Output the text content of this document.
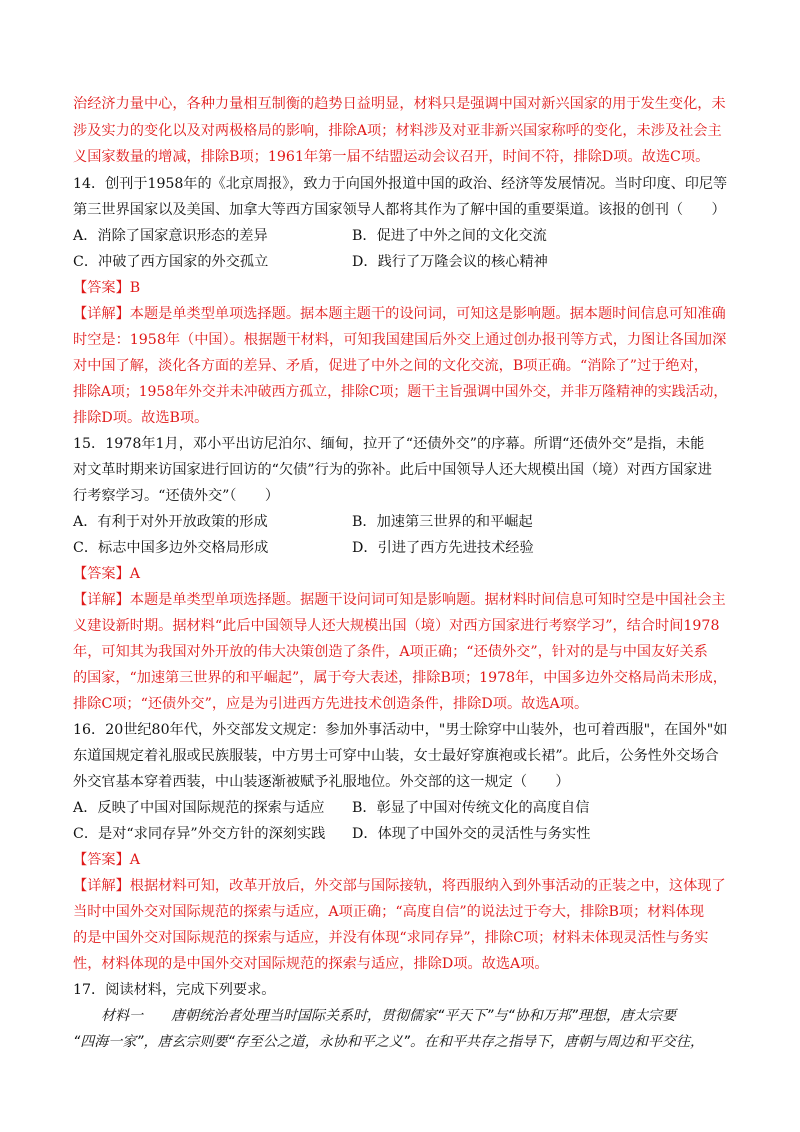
治经济力量中心，各种力量相互制衡的趋势日益明显，材料只是强调中国对新兴国家的用于发生变化，未
涉及实力的变化以及对两极格局的影响，排除A项；材料涉及对亚非新兴国家称呼的变化，未涉及社会主
义国家数量的增减，排除B项；1961年第一届不结盟运动会议召开，时间不符，排除D项。故选C项。
14．创刊于1958年的《北京周报》，致力于向国外报道中国的政治、经济等发展情况。当时印度、印尼等
第三世界国家以及美国、加拿大等西方国家领导人都将其作为了解中国的重要渠道。该报的创刊（　　）
A．消除了国家意识形态的差异	B．促进了中外之间的文化交流
C．冲破了西方国家的外交孤立	D．践行了万隆会议的核心精神
【答案】B
【详解】本题是单类型单项选择题。据本题主题干的设问词，可知这是影响题。据本题时间信息可知准确
时空是：1958年（中国）。根据题干材料，可知我国建国后外交上通过创办报刊等方式，力图让各国加深
对中国了解，淡化各方面的差异、矛盾，促进了中外之间的文化交流，B项正确。“消除了”过于绝对，
排除A项；1958年外交并未冲破西方孤立，排除C项；题干主旨强调中国外交，并非万隆精神的实践活动，
排除D项。故选B项。
15．1978年1月，邓小平出访尼泊尔、缅甸，拉开了“还债外交”的序幕。所谓“还债外交”是指，未能
对文革时期来访国家进行回访的“欠债”行为的弥补。此后中国领导人还大规模出国（境）对西方国家进
行考察学习。“还债外交”（　　）
A．有利于对外开放政策的形成	B．加速第三世界的和平崛起
C．标志中国多边外交格局形成	D．引进了西方先进技术经验
【答案】A
【详解】本题是单类型单项选择题。据题干设问词可知是影响题。据材料时间信息可知时空是中国社会主
义建设新时期。据材料“此后中国领导人还大规模出国（境）对西方国家进行考察学习”，结合时间1978
年，可知其为我国对外开放的伟大决策创造了条件，A项正确；“还债外交”，针对的是与中国友好关系
的国家，“加速第三世界的和平崛起”，属于夸大表述，排除B项；1978年，中国多边外交格局尚未形成，
排除C项；“还债外交”，应是为引进西方先进技术创造条件，排除D项。故选A项。
16．20世纪80年代，外交部发文规定：参加外事活动中，"男士除穿中山装外，也可着西服"，在国外"如
东道国规定着礼服或民族服装，中方男士可穿中山装，女士最好穿旗袍或长裙”。此后，公务性外交场合
外交官基本穿着西装，中山装逐渐被赋予礼服地位。外交部的这一规定（　　）
A．反映了中国对国际规范的探索与适应 B．彰显了中国对传统文化的高度自信
C．是对“求同存异”外交方针的深刻实践 D．体现了中国外交的灵活性与务实性
【答案】A
【详解】根据材料可知，改革开放后，外交部与国际接轨，将西服纳入到外事活动的正装之中，这体现了
当时中国外交对国际规范的探索与适应，A项正确；“高度自信”的说法过于夸大，排除B项；材料体现
的是中国外交对国际规范的探索与适应，并没有体现“求同存异”，排除C项；材料未体现灵活性与务实
性，材料体现的是中国外交对国际规范的探索与适应，排除D项。故选A项。
17．阅读材料，完成下列要求。
　　材料一　　唐朝统治者处理当时国际关系时，贯彻儒家“平天下”与“协和万邦”理想，唐太宗要
“四海一家”，唐玄宗则要“存至公之道，永协和平之义”。在和平共存之指导下，唐朝与周边和平交往，
